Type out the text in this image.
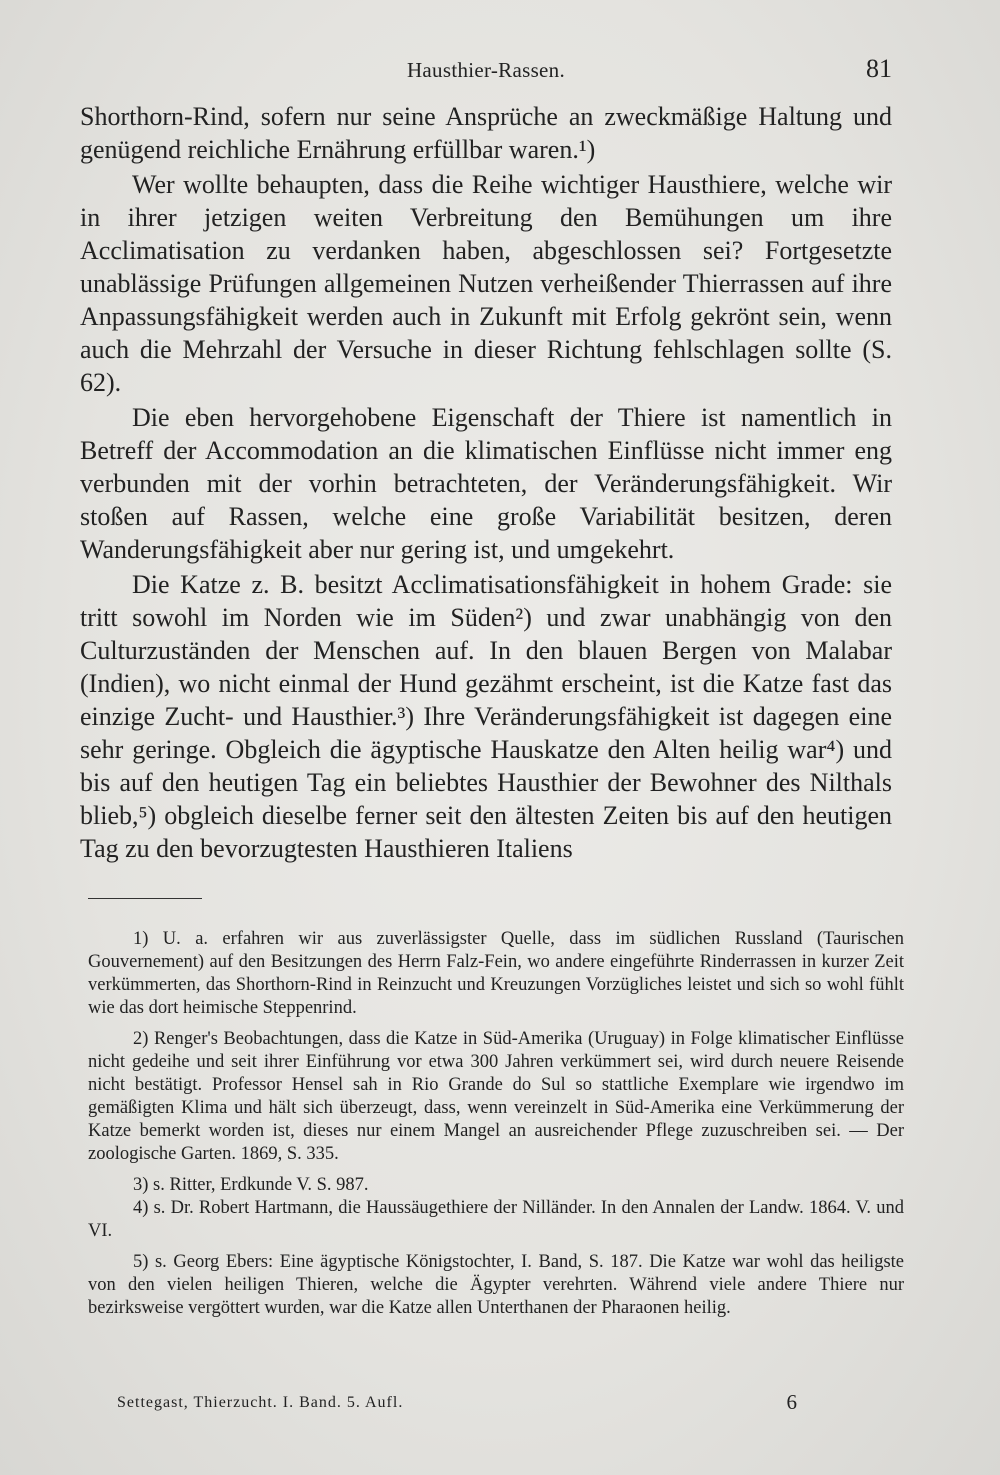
Hausthier-Rassen.	81

Shorthorn-Rind, sofern nur seine Ansprüche an zweckmäßige Haltung und genügend reichliche Ernährung erfüllbar waren.¹)

Wer wollte behaupten, dass die Reihe wichtiger Hausthiere, welche wir in ihrer jetzigen weiten Verbreitung den Bemühungen um ihre Acclimatisation zu verdanken haben, abgeschlossen sei? Fortgesetzte unablässige Prüfungen allgemeinen Nutzen verheißender Thierrassen auf ihre Anpassungsfähigkeit werden auch in Zukunft mit Erfolg gekrönt sein, wenn auch die Mehrzahl der Versuche in dieser Richtung fehlschlagen sollte (S. 62).

Die eben hervorgehobene Eigenschaft der Thiere ist namentlich in Betreff der Accommodation an die klimatischen Einflüsse nicht immer eng verbunden mit der vorhin betrachteten, der Veränderungsfähigkeit. Wir stoßen auf Rassen, welche eine große Variabilität besitzen, deren Wanderungsfähigkeit aber nur gering ist, und umgekehrt.

Die Katze z. B. besitzt Acclimatisationsfähigkeit in hohem Grade: sie tritt sowohl im Norden wie im Süden²) und zwar unabhängig von den Culturzuständen der Menschen auf. In den blauen Bergen von Malabar (Indien), wo nicht einmal der Hund gezähmt erscheint, ist die Katze fast das einzige Zucht- und Hausthier.³) Ihre Veränderungsfähigkeit ist dagegen eine sehr geringe. Obgleich die ägyptische Hauskatze den Alten heilig war⁴) und bis auf den heutigen Tag ein beliebtes Hausthier der Bewohner des Nilthals blieb,⁵) obgleich dieselbe ferner seit den ältesten Zeiten bis auf den heutigen Tag zu den bevorzugtesten Hausthieren Italiens

1) U. a. erfahren wir aus zuverlässigster Quelle, dass im südlichen Russland (Taurischen Gouvernement) auf den Besitzungen des Herrn Falz-Fein, wo andere eingeführte Rinderrassen in kurzer Zeit verkümmerten, das Shorthorn-Rind in Reinzucht und Kreuzungen Vorzügliches leistet und sich so wohl fühlt wie das dort heimische Steppenrind.

2) Renger's Beobachtungen, dass die Katze in Süd-Amerika (Uruguay) in Folge klimatischer Einflüsse nicht gedeihe und seit ihrer Einführung vor etwa 300 Jahren verkümmert sei, wird durch neuere Reisende nicht bestätigt. Professor Hensel sah in Rio Grande do Sul so stattliche Exemplare wie irgendwo im gemäßigten Klima und hält sich überzeugt, dass, wenn vereinzelt in Süd-Amerika eine Verkümmerung der Katze bemerkt worden ist, dieses nur einem Mangel an ausreichender Pflege zuzuschreiben sei. — Der zoologische Garten. 1869, S. 335.

3) s. Ritter, Erdkunde V. S. 987.

4) s. Dr. Robert Hartmann, die Haussäugethiere der Nilländer. In den Annalen der Landw. 1864. V. und VI.

5) s. Georg Ebers: Eine ägyptische Königstochter, I. Band, S. 187. Die Katze war wohl das heiligste von den vielen heiligen Thieren, welche die Ägypter verehrten. Während viele andere Thiere nur bezirksweise vergöttert wurden, war die Katze allen Unterthanen der Pharaonen heilig.

Settegast, Thierzucht. I. Band. 5. Aufl.	6
